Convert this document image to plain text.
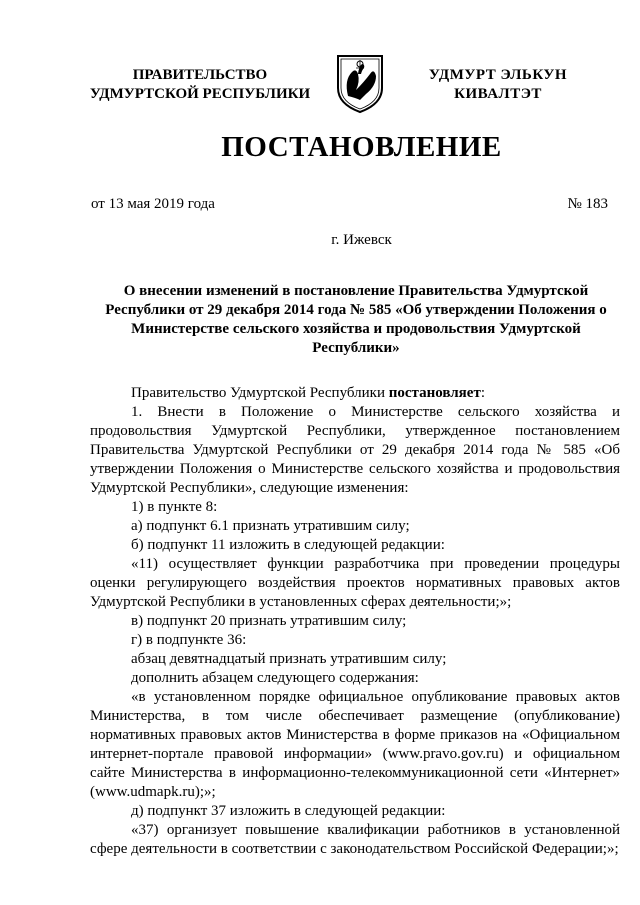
ПРАВИТЕЛЬСТВО
УДМУРТСКОЙ РЕСПУБЛИКИ
УДМУРТ ЭЛЬКУН
КИВАЛТЭТ
ПОСТАНОВЛЕНИЕ
от 13 мая 2019 года	№ 183
г. Ижевск
О внесении изменений в постановление Правительства Удмуртской Республики от 29 декабря 2014 года № 585 «Об утверждении Положения о Министерстве сельского хозяйства и продовольствия Удмуртской Республики»

Правительство Удмуртской Республики постановляет:

1. Внести в Положение о Министерстве сельского хозяйства и продовольствия Удмуртской Республики, утвержденное постановлением Правительства Удмуртской Республики от 29 декабря 2014 года № 585 «Об утверждении Положения о Министерстве сельского хозяйства и продовольствия Удмуртской Республики», следующие изменения:

1) в пункте 8:

а) подпункт 6.1 признать утратившим силу;

б) подпункт 11 изложить в следующей редакции:

«11) осуществляет функции разработчика при проведении процедуры оценки регулирующего воздействия проектов нормативных правовых актов Удмуртской Республики в установленных сферах деятельности;»;

в) подпункт 20 признать утратившим силу;

г) в подпункте 36:

абзац девятнадцатый признать утратившим силу;

дополнить абзацем следующего содержания:

«в установленном порядке официальное опубликование правовых актов Министерства, в том числе обеспечивает размещение (опубликование) нормативных правовых актов Министерства в форме приказов на «Официальном интернет-портале правовой информации» (www.pravo.gov.ru) и официальном сайте Министерства в информационно-телекоммуникационной сети «Интернет» (www.udmapk.ru);»;

д) подпункт 37 изложить в следующей редакции:

«37) организует повышение квалификации работников в установленной сфере деятельности в соответствии с законодательством Российской Федерации;»;
